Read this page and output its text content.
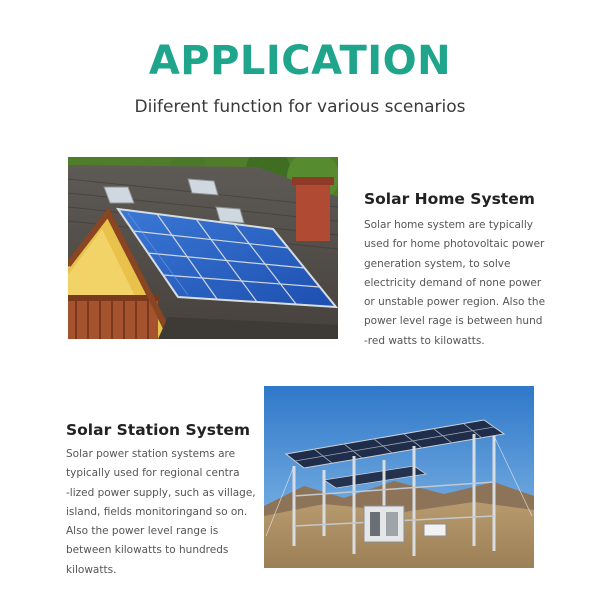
APPLICATION

Diiferent function for various scenarios

Solar Home System
Solar home system are typically
used for home photovoltaic power
generation system, to solve
electricity demand of none power
or unstable power region. Also the
power level rage is between hund
-red watts to kilowatts.
Solar Station System
Solar power station systems are
typically used for regional centra
-lized power supply, such as village,
island, fields monitoringand so on.
Also the power level range is
between kilowatts to hundreds
kilowatts.
